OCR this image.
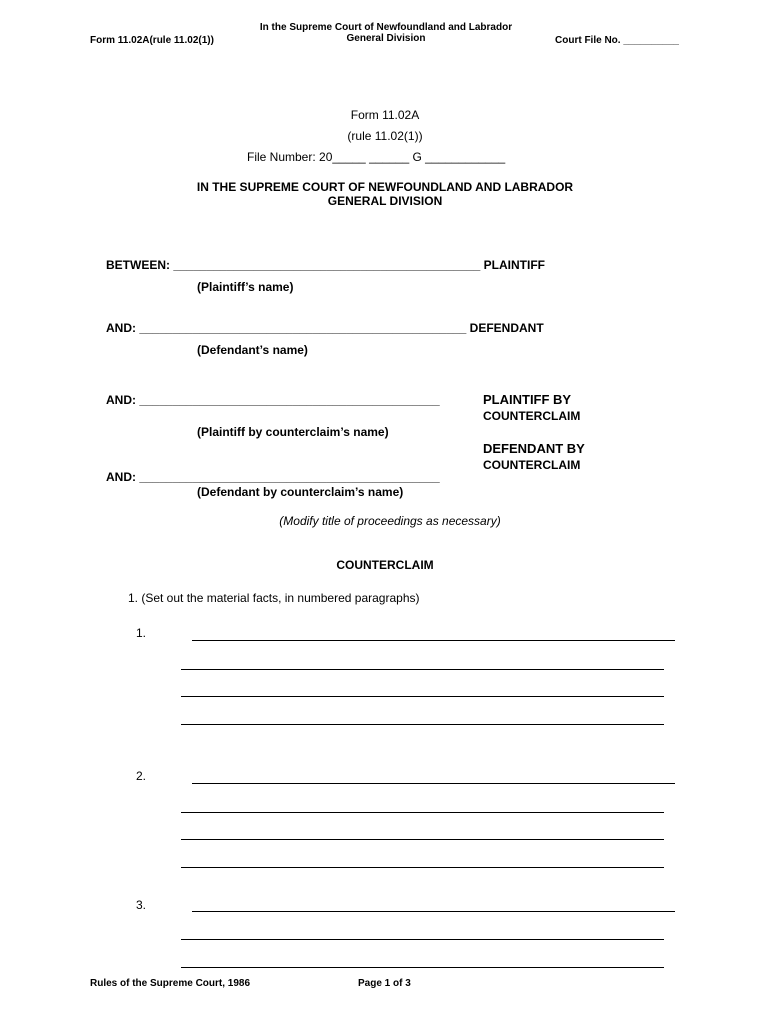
Form 11.02A(rule 11.02(1))
In the Supreme Court of Newfoundland and Labrador
General Division	Court File No. __________
Form 11.02A
(rule 11.02(1))
File Number: 20_____ ______ G ____________
IN THE SUPREME COURT OF NEWFOUNDLAND AND LABRADOR
GENERAL DIVISION
BETWEEN: ______________________________________________ PLAINTIFF
(Plaintiff’s name)
AND: _________________________________________________ DEFENDANT
(Defendant’s name)
AND: _____________________________________________	PLAINTIFF BY
COUNTERCLAIM
(Plaintiff by counterclaim’s name)
DEFENDANT BY
COUNTERCLAIM
AND: _____________________________________________
(Defendant by counterclaim’s name)
(Modify title of proceedings as necessary)
COUNTERCLAIM
1. (Set out the material facts, in numbered paragraphs)
1.
2.
3.
Rules of the Supreme Court, 1986	Page 1 of 3
